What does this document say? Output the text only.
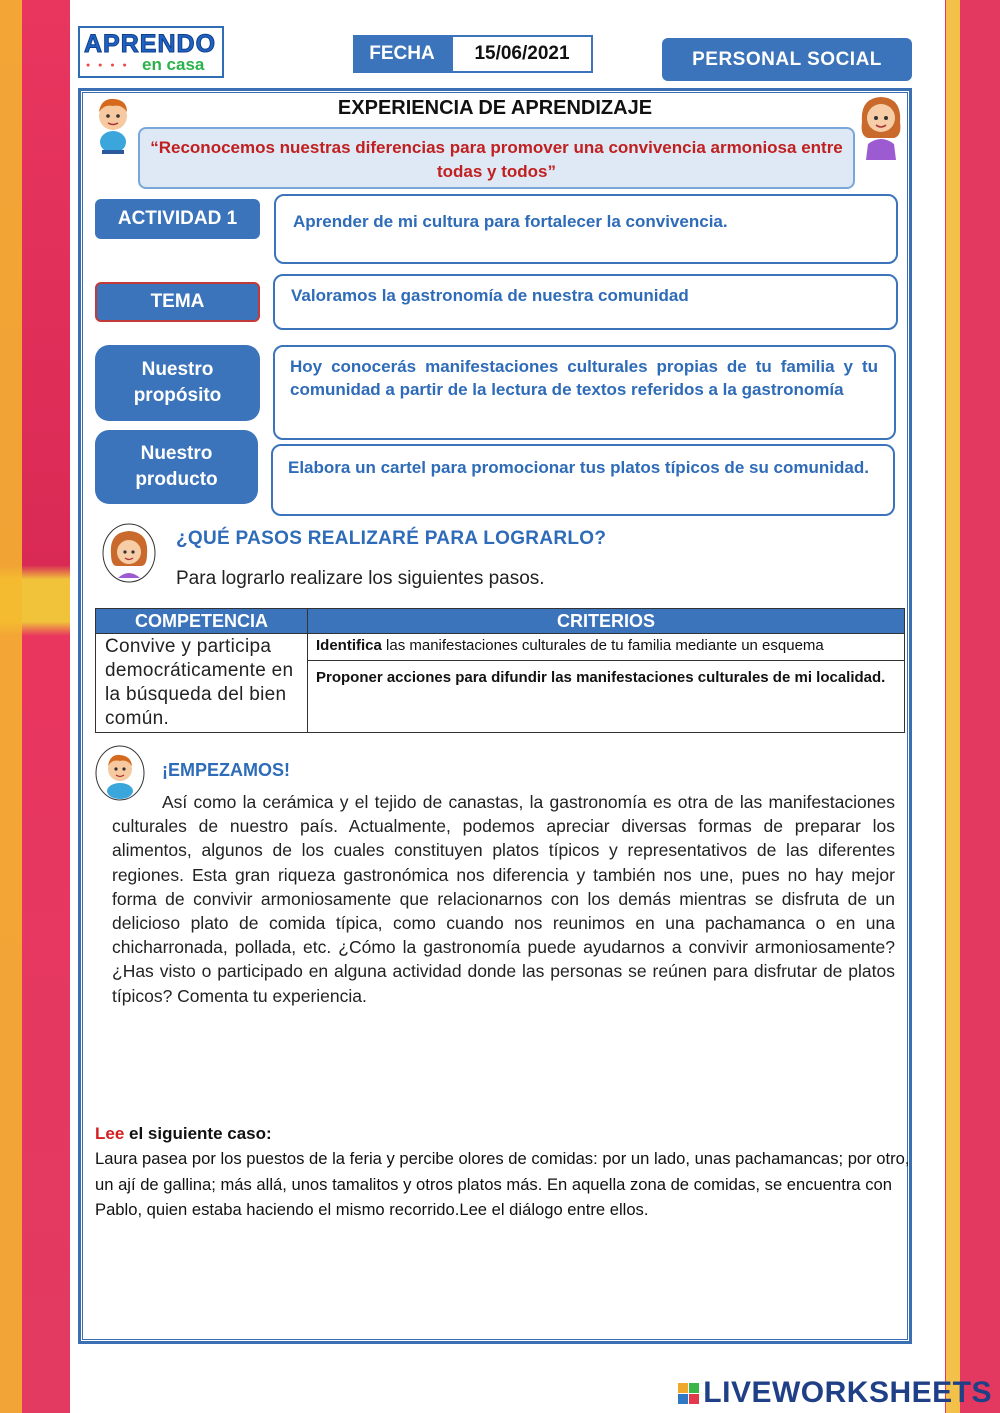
APRENDO
● ● ● ● en casa
FECHA	15/06/2021	PERSONAL SOCIAL
EXPERIENCIA DE APRENDIZAJE
“Reconocemos nuestras diferencias para promover una convivencia armoniosa entre todas y todos”
ACTIVIDAD 1	Aprender de mi cultura para fortalecer la convivencia.
TEMA	Valoramos la gastronomía de nuestra comunidad
Nuestro propósito
Hoy conocerás manifestaciones culturales propias de tu familia y tu comunidad a partir de la lectura de textos referidos a la gastronomía
Nuestro producto
Elabora un cartel para promocionar tus platos típicos de su comunidad.
¿QUÉ PASOS REALIZARÉ PARA LOGRARLO?
Para lograrlo realizare los siguientes pasos.
COMPETENCIA	CRITERIOS
Convive y participa democráticamente en la búsqueda del bien común.	Identifica las manifestaciones culturales de tu familia mediante un esquema
	Proponer acciones para difundir las manifestaciones culturales de mi localidad.
¡EMPEZAMOS!
Así como la cerámica y el tejido de canastas, la gastronomía es otra de las manifestaciones culturales de nuestro país. Actualmente, podemos apreciar diversas formas de preparar los alimentos, algunos de los cuales constituyen platos típicos y representativos de las diferentes regiones. Esta gran riqueza gastronómica nos diferencia y también nos une, pues no hay mejor forma de convivir armoniosamente que relacionarnos con los demás mientras se disfruta de un delicioso plato de comida típica, como cuando nos reunimos en una pachamanca o en una chicharronada, pollada, etc. ¿Cómo la gastronomía puede ayudarnos a convivir armoniosamente? ¿Has visto o participado en alguna actividad donde las personas se reúnen para disfrutar de platos típicos? Comenta tu experiencia.
Lee el siguiente caso:
Laura pasea por los puestos de la feria y percibe olores de comidas: por un lado, unas pachamancas; por otro, un ají de gallina; más allá, unos tamalitos y otros platos más. En aquella zona de comidas, se encuentra con Pablo, quien estaba haciendo el mismo recorrido.Lee el diálogo entre ellos.
LIVEWORKSHEETS
